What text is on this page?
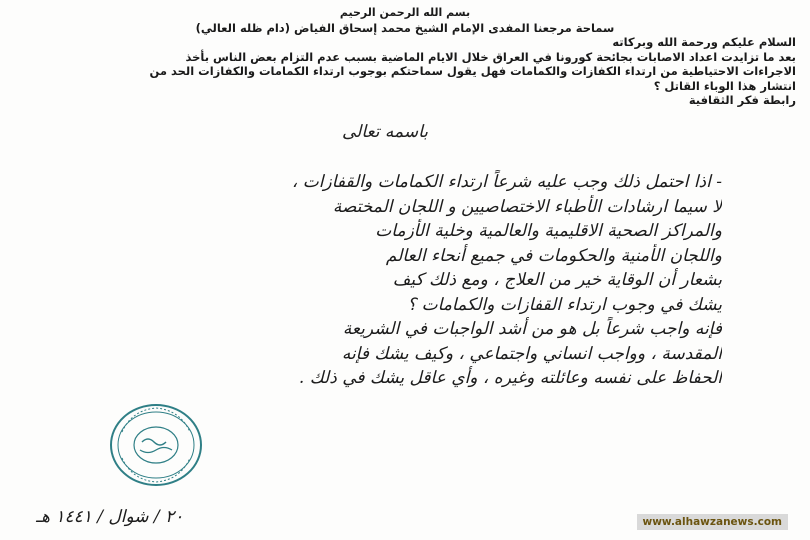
بسم الله الرحمن الرحيم
سماحة مرجعنا المفدى الإمام الشيخ محمد إسحاق الفياض (دام ظله العالي)
السلام عليكم ورحمة الله وبركاته
بعد ما تزايدت اعداد الاصابات بجائحة كورونا في العراق خلال الايام الماضية بسبب عدم التزام بعض الناس بأخذ
الاجراءات الاحتياطية من ارتداء الكفازات والكمامات فهل يقول سماحتكم بوجوب ارتداء الكمامات والكفازات الحد من
انتشار هذا الوباء القاتل ؟
رابطة فكر الثقافية
باسمه تعالى
- اذا احتمل ذلك وجب عليه شرعاً ارتداء الكمامات والقفازات ،
لا سيما ارشادات الأطباء الاختصاصيين و اللجان المختصة
والمراكز الصحية الاقليمية والعالمية وخلية الأزمات
واللجان الأمنية والحكومات في جميع أنحاء العالم
بشعار أن الوقاية خير من العلاج ، ومع ذلك كيف
يشك في وجوب ارتداء القفازات والكمامات ؟
فإنه واجب شرعاً بل هو من أشد الواجبات في الشريعة
المقدسة ، وواجب انساني واجتماعي ، وكيف يشك فإنه
الحفاظ على نفسه وعائلته وغيره ، وأي عاقل يشك في ذلك .
٢٠ / شوال / ١٤٤١ هـ	www.alhawzanews.com
